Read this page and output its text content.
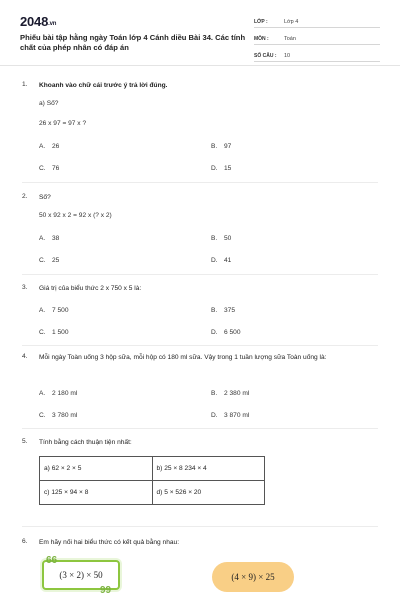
2048.vn
Phiếu bài tập hằng ngày Toán lớp 4 Cánh diều Bài 34. Các tính chất của phép nhân có đáp án
LỚP :	Lớp 4
MÔN :	Toán
SỐ CÂU :	10
1. Khoanh vào chữ cái trước ý trả lời đúng.
a) Số?
26 x 97 = 97 x ?
A. 26	B. 97
C. 76	D. 15
2. Số?
50 x 92 x 2 = 92 x (? x 2)
A. 38	B. 50
C. 25	D. 41
3. Giá trị của biểu thức 2 x 750 x 5 là:
A. 7 500	B. 375
C. 1 500	D. 6 500
4. Mỗi ngày Toàn uống 3 hộp sữa, mỗi hộp có 180 ml sữa. Vậy trong 1 tuần lượng sữa Toàn uống là:
A. 2 180 ml	B. 2 380 ml
C. 3 780 ml	D. 3 870 ml
5. Tính bằng cách thuận tiện nhất:
a) 62 × 2 × 5	b) 25 × 8 234 × 4
c) 125 × 94 × 8	d) 5 × 526 × 20
6. Em hãy nối hai biểu thức có kết quả bằng nhau:
(3 × 2) × 50
66
99
(4 × 9) × 25
